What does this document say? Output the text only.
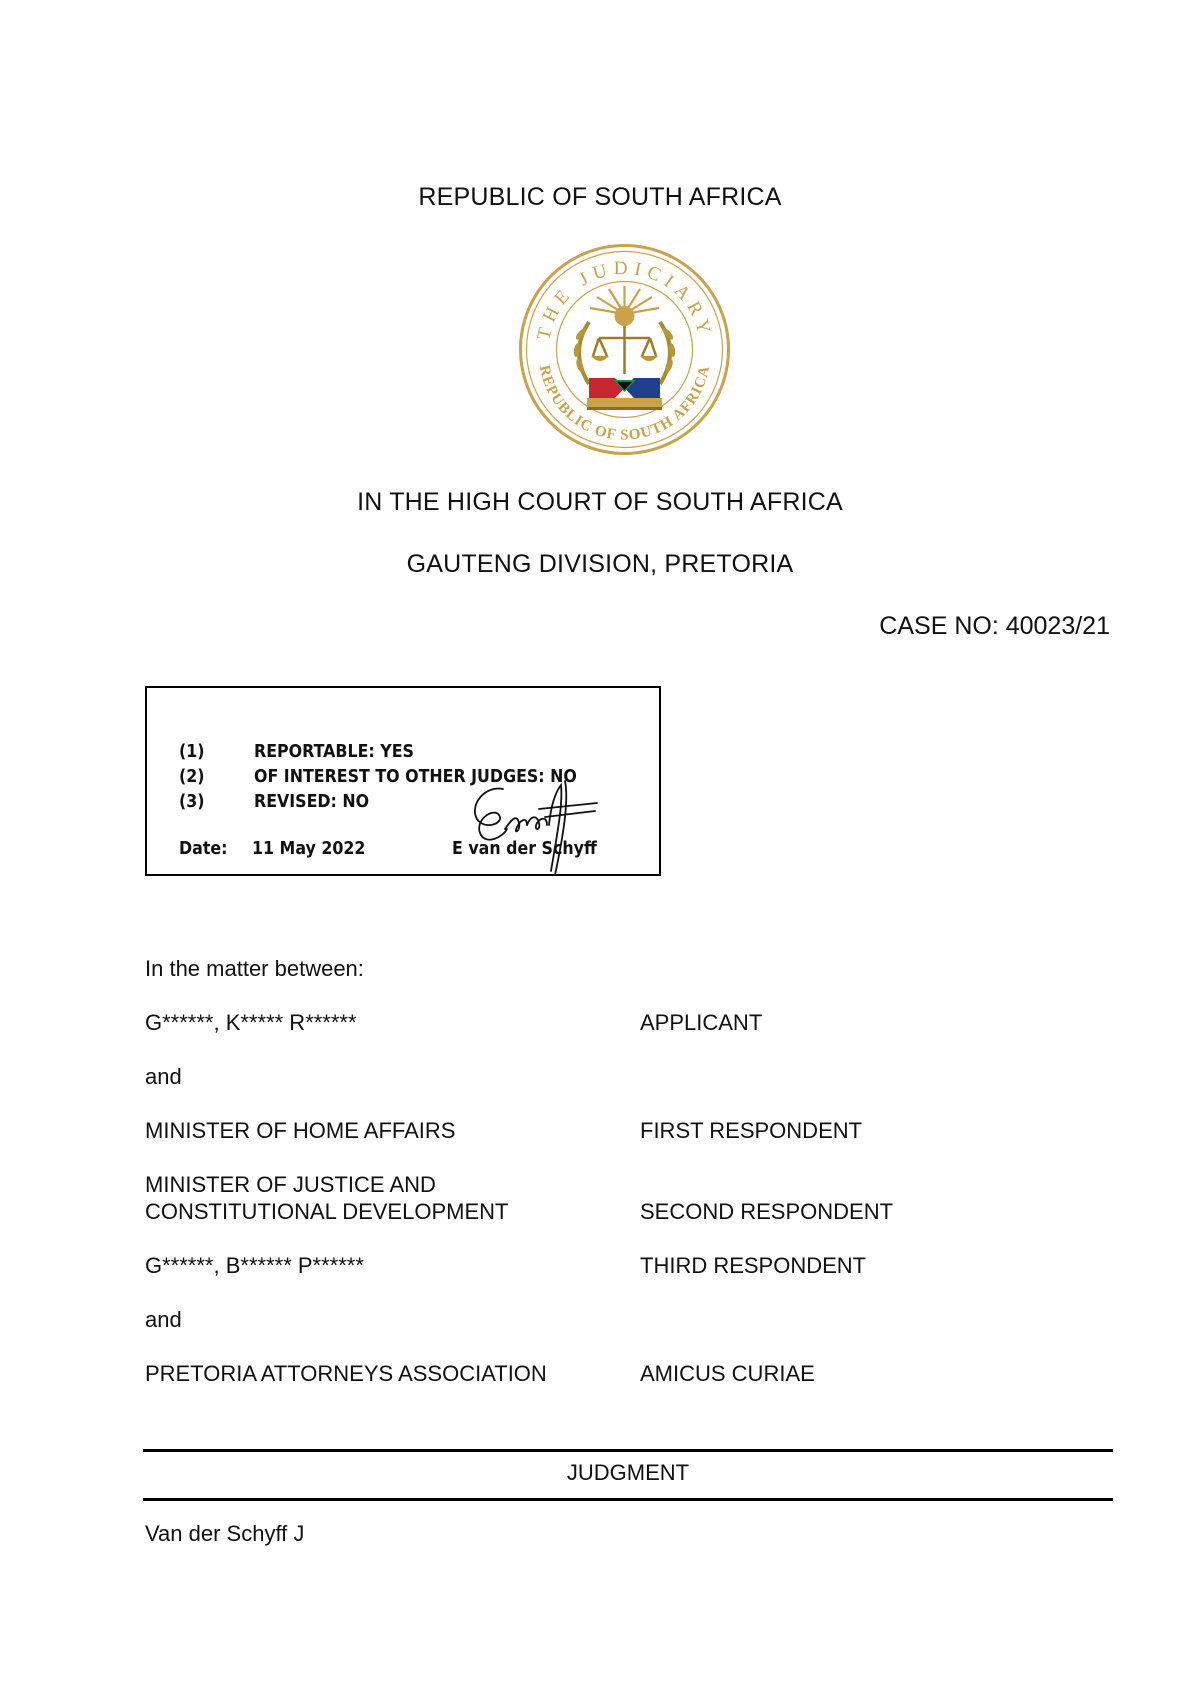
REPUBLIC OF SOUTH AFRICA
THE JUDICIARY
REPUBLIC OF SOUTH AFRICA
IN THE HIGH COURT OF SOUTH AFRICA
GAUTENG DIVISION, PRETORIA
CASE NO: 40023/21
(1)	REPORTABLE: YES
(2)	OF INTEREST TO OTHER JUDGES: NO
(3)	REVISED: NO
Date: 11 May 2022	E van der Schyff
In the matter between:
G******, K***** R******	APPLICANT
and
MINISTER OF HOME AFFAIRS	FIRST RESPONDENT
MINISTER OF JUSTICE AND
CONSTITUTIONAL DEVELOPMENT	SECOND RESPONDENT
G******, B****** P******	THIRD RESPONDENT
and
PRETORIA ATTORNEYS ASSOCIATION	AMICUS CURIAE
JUDGMENT
Van der Schyff J
